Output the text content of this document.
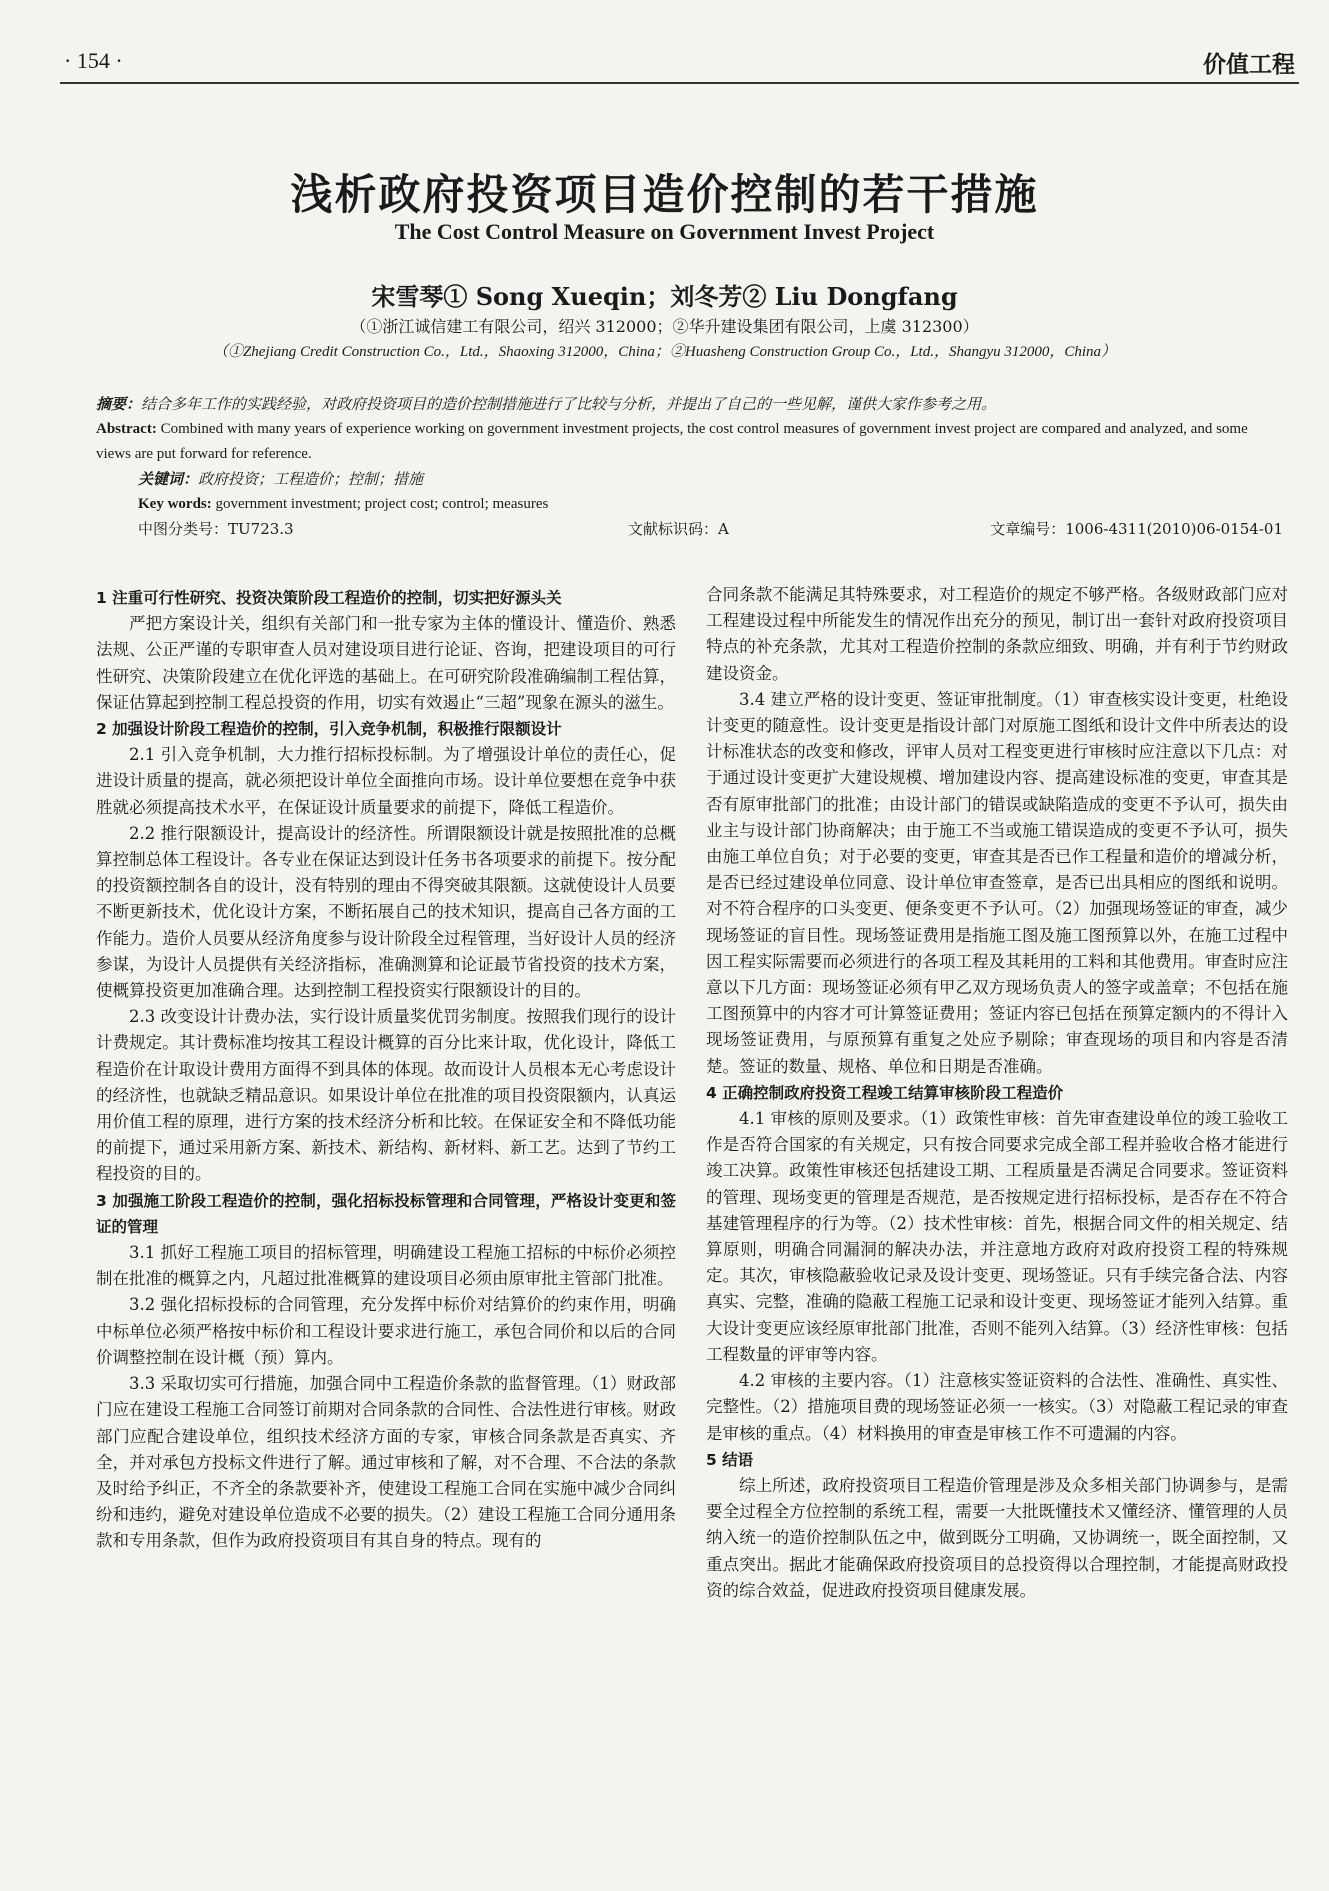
· 154 ·	价值工程
浅析政府投资项目造价控制的若干措施
The Cost Control Measure on Government Invest Project
宋雪琴① Song Xueqin；刘冬芳② Liu Dongfang
（①浙江诚信建工有限公司，绍兴 312000；②华升建设集团有限公司，上虞 312300）
（①Zhejiang Credit Construction Co.，Ltd.，Shaoxing 312000，China；②Huasheng Construction Group Co.，Ltd.，Shangyu 312000，China）
摘要：结合多年工作的实践经验，对政府投资项目的造价控制措施进行了比较与分析，并提出了自己的一些见解，谨供大家作参考之用。
Abstract: Combined with many years of experience working on government investment projects, the cost control measures of government invest project are compared and analyzed, and some views are put forward for reference.
关键词：政府投资；工程造价；控制；措施
Key words: government investment; project cost; control; measures
中图分类号：TU723.3	文献标识码：A	文章编号：1006-4311(2010)06-0154-01

1 注重可行性研究、投资决策阶段工程造价的控制，切实把好源头关

严把方案设计关，组织有关部门和一批专家为主体的懂设计、懂造价、熟悉法规、公正严谨的专职审查人员对建设项目进行论证、咨询，把建设项目的可行性研究、决策阶段建立在优化评选的基础上。在可研究阶段准确编制工程估算，保证估算起到控制工程总投资的作用，切实有效遏止“三超”现象在源头的滋生。

2 加强设计阶段工程造价的控制，引入竞争机制，积极推行限额设计

2.1 引入竞争机制，大力推行招标投标制。为了增强设计单位的责任心，促进设计质量的提高，就必须把设计单位全面推向市场。设计单位要想在竞争中获胜就必须提高技术水平，在保证设计质量要求的前提下，降低工程造价。

2.2 推行限额设计，提高设计的经济性。所谓限额设计就是按照批准的总概算控制总体工程设计。各专业在保证达到设计任务书各项要求的前提下。按分配的投资额控制各自的设计，没有特别的理由不得突破其限额。这就使设计人员要不断更新技术，优化设计方案，不断拓展自己的技术知识，提高自己各方面的工作能力。造价人员要从经济角度参与设计阶段全过程管理，当好设计人员的经济参谋，为设计人员提供有关经济指标，准确测算和论证最节省投资的技术方案，使概算投资更加准确合理。达到控制工程投资实行限额设计的目的。

2.3 改变设计计费办法，实行设计质量奖优罚劣制度。按照我们现行的设计计费规定。其计费标准均按其工程设计概算的百分比来计取，优化设计，降低工程造价在计取设计费用方面得不到具体的体现。故而设计人员根本无心考虑设计的经济性，也就缺乏精品意识。如果设计单位在批准的项目投资限额内，认真运用价值工程的原理，进行方案的技术经济分析和比较。在保证安全和不降低功能的前提下，通过采用新方案、新技术、新结构、新材料、新工艺。达到了节约工程投资的目的。

3 加强施工阶段工程造价的控制，强化招标投标管理和合同管理，严格设计变更和签证的管理

3.1 抓好工程施工项目的招标管理，明确建设工程施工招标的中标价必须控制在批准的概算之内，凡超过批准概算的建设项目必须由原审批主管部门批准。

3.2 强化招标投标的合同管理，充分发挥中标价对结算价的约束作用，明确中标单位必须严格按中标价和工程设计要求进行施工，承包合同价和以后的合同价调整控制在设计概（预）算内。

3.3 采取切实可行措施，加强合同中工程造价条款的监督管理。（1）财政部门应在建设工程施工合同签订前期对合同条款的合同性、合法性进行审核。财政部门应配合建设单位，组织技术经济方面的专家，审核合同条款是否真实、齐全，并对承包方投标文件进行了解。通过审核和了解，对不合理、不合法的条款及时给予纠正，不齐全的条款要补齐，使建设工程施工合同在实施中减少合同纠纷和违约，避免对建设单位造成不必要的损失。（2）建设工程施工合同分通用条款和专用条款，但作为政府投资项目有其自身的特点。现有的

合同条款不能满足其特殊要求，对工程造价的规定不够严格。各级财政部门应对工程建设过程中所能发生的情况作出充分的预见，制订出一套针对政府投资项目特点的补充条款，尤其对工程造价控制的条款应细致、明确，并有利于节约财政建设资金。

3.4 建立严格的设计变更、签证审批制度。（1）审查核实设计变更，杜绝设计变更的随意性。设计变更是指设计部门对原施工图纸和设计文件中所表达的设计标准状态的改变和修改，评审人员对工程变更进行审核时应注意以下几点：对于通过设计变更扩大建设规模、增加建设内容、提高建设标准的变更，审查其是否有原审批部门的批准；由设计部门的错误或缺陷造成的变更不予认可，损失由业主与设计部门协商解决；由于施工不当或施工错误造成的变更不予认可，损失由施工单位自负；对于必要的变更，审查其是否已作工程量和造价的增减分析，是否已经过建设单位同意、设计单位审查签章，是否已出具相应的图纸和说明。对不符合程序的口头变更、便条变更不予认可。（2）加强现场签证的审查，减少现场签证的盲目性。现场签证费用是指施工图及施工图预算以外，在施工过程中因工程实际需要而必须进行的各项工程及其耗用的工料和其他费用。审查时应注意以下几方面：现场签证必须有甲乙双方现场负责人的签字或盖章；不包括在施工图预算中的内容才可计算签证费用；签证内容已包括在预算定额内的不得计入现场签证费用，与原预算有重复之处应予剔除；审查现场的项目和内容是否清楚。签证的数量、规格、单位和日期是否准确。

4 正确控制政府投资工程竣工结算审核阶段工程造价

4.1 审核的原则及要求。（1）政策性审核：首先审查建设单位的竣工验收工作是否符合国家的有关规定，只有按合同要求完成全部工程并验收合格才能进行竣工决算。政策性审核还包括建设工期、工程质量是否满足合同要求。签证资料的管理、现场变更的管理是否规范，是否按规定进行招标投标，是否存在不符合基建管理程序的行为等。（2）技术性审核：首先，根据合同文件的相关规定、结算原则，明确合同漏洞的解决办法，并注意地方政府对政府投资工程的特殊规定。其次，审核隐蔽验收记录及设计变更、现场签证。只有手续完备合法、内容真实、完整，准确的隐蔽工程施工记录和设计变更、现场签证才能列入结算。重大设计变更应该经原审批部门批准，否则不能列入结算。（3）经济性审核：包括工程数量的评审等内容。

4.2 审核的主要内容。（1）注意核实签证资料的合法性、准确性、真实性、完整性。（2）措施项目费的现场签证必须一一核实。（3）对隐蔽工程记录的审查是审核的重点。（4）材料换用的审查是审核工作不可遗漏的内容。

5 结语

综上所述，政府投资项目工程造价管理是涉及众多相关部门协调参与，是需要全过程全方位控制的系统工程，需要一大批既懂技术又懂经济、懂管理的人员纳入统一的造价控制队伍之中，做到既分工明确，又协调统一，既全面控制，又重点突出。据此才能确保政府投资项目的总投资得以合理控制，才能提高财政投资的综合效益，促进政府投资项目健康发展。
